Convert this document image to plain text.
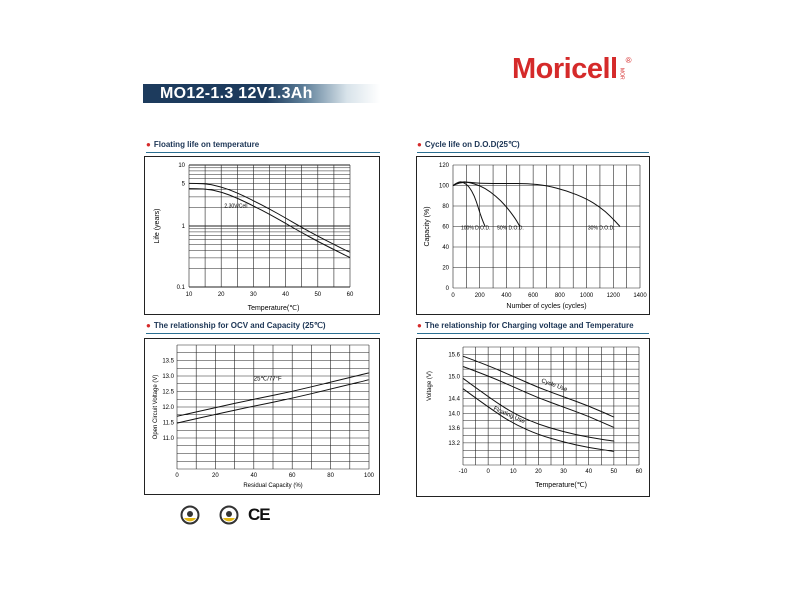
Moricell MOR
®
MO12-1.3 12V1.3Ah
● Floating life on temperature	● Cycle life on D.O.D(25℃)
● The relationship for OCV and Capacity (25℃)	● The relationship for Charging voltage and Temperature
10	20	30	40	50	60
0.1
1
5
10
2.30V/Cell
Temperature(℃)
Life (years)
0	200	400	600	800	1000 1200 1400
0
20
40
60
80
100
120
100% D.O.D. 50% D.O.D.	30% D.O.D.
Number of cycles (cycles)
Capacity (%)
0	20	40	60	80	100
11.0
11.5
12.0
12.5
13.0
13.5
25℃/77°F
Residual Capacity (%)
Open Circuit Voltage (V)
-10	0	10	20	30	40	50	60
13.2
13.6
14.0
14.4
15.0
15.6
Cycle Use
Floating Use
Temperature(℃)
Voltage (V)
CE
